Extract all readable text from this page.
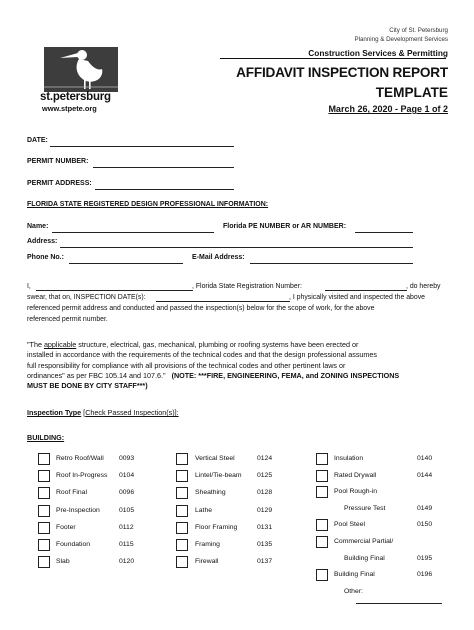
City of St. Petersburg
Planning & Development Services
Construction Services & Permitting
AFFIDAVIT INSPECTION REPORT
TEMPLATE
March 26, 2020 - Page 1 of 2
st.petersburg
www.stpete.org
DATE:
PERMIT NUMBER:
PERMIT ADDRESS:
FLORIDA STATE REGISTERED DESIGN PROFESSIONAL INFORMATION:
Name:	Florida PE NUMBER or AR NUMBER:
Address:
Phone No.:	E-Mail Address:
I,	, Florida State Registration Number:	, do hereby
swear, that on, INSPECTION DATE(s):	, I physically visited and inspected the above
referenced permit address and conducted and passed the inspection(s) below for the scope of work, for the above
referenced permit number.
"The applicable structure, electrical, gas, mechanical, plumbing or roofing systems have been erected or
installed in accordance with the requirements of the technical codes and that the design professional assumes
full responsibility for compliance with all provisions of the technical codes and other pertinent laws or
ordinances" as per FBC 105.14 and 107.6." (NOTE: ***FIRE, ENGINEERING, FEMA, and ZONING INSPECTIONS
MUST BE DONE BY CITY STAFF***)
Inspection Type [Check Passed Inspection(s)]:
BUILDING:
Retro Roof/Wall 0093
Roof In-Progress 0104
Roof Final	0096
Pre-Inspection	0105
Footer	0112
Foundation	0115
Slab	0120
Vertical Steel	0124
Lintel/Tie-beam 0125
Sheathing	0128
Lathe	0129
Floor Framing	0131
Framing	0135
Firewall	0137
Insulation	0140
Rated Drywall	0144
Pool Rough-in
Pressure Test	0149
Pool Steel	0150
Commercial Partial/
Building Final	0195
Building Final	0196
Other:
